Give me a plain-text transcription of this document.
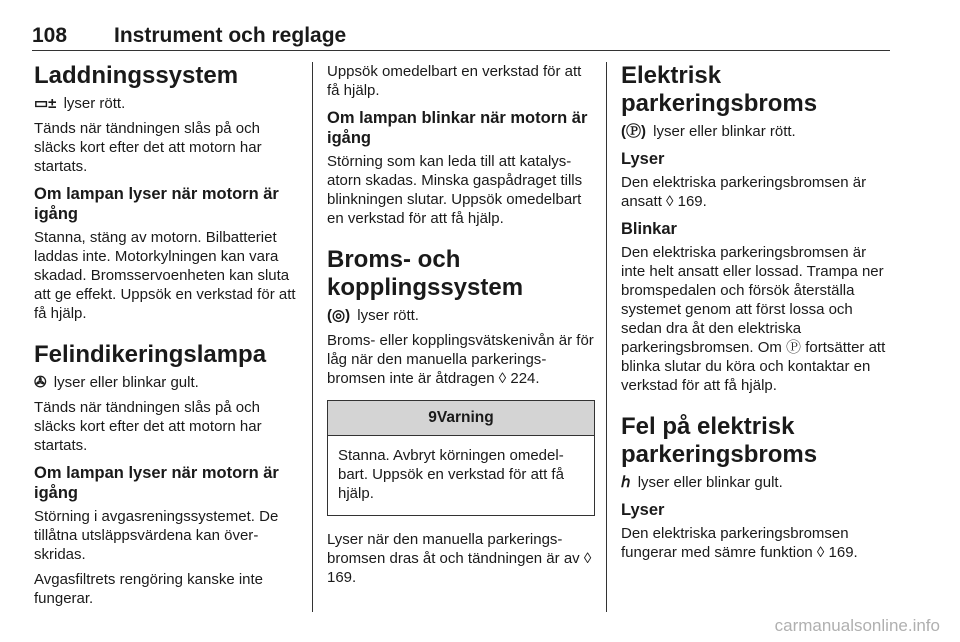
108 Instrument och reglage
Laddningssystem

▭± lyser rött.

Tänds när tändningen slås på och släcks kort efter det att motorn har startats.

Om lampan lyser när motorn är igång

Stanna, stäng av motorn. Bilbatteriet laddas inte. Motorkylningen kan vara skadad. Bromsservoenheten kan sluta att ge effekt. Uppsök en verkstad för att få hjälp.

Felindikeringslampa

✇ lyser eller blinkar gult.

Tänds när tändningen slås på och släcks kort efter det att motorn har startats.

Om lampan lyser när motorn är igång

Störning i avgasreningssystemet. De tillåtna utsläppsvärdena kan överskridas.

Avgasfiltrets rengöring kanske inte fungerar.

Uppsök omedelbart en verkstad för att få hjälp.

Om lampan blinkar när motorn är igång

Störning som kan leda till att katalysatorn skadas. Minska gaspådraget tills blinkningen slutar. Uppsök omedelbart en verkstad för att få hjälp.

Broms- och kopplingssystem

(◎) lyser rött.

Broms- eller kopplingsvätskenivån är för låg när den manuella parkeringsbromsen inte är åtdragen ◊ 224.

9Varning

Stanna. Avbryt körningen omedelbart. Uppsök en verkstad för att få hjälp.

Lyser när den manuella parkeringsbromsen dras åt och tändningen är av ◊ 169.

Elektrisk parkeringsbroms

(Ⓟ) lyser eller blinkar rött.

Lyser

Den elektriska parkeringsbromsen är ansatt ◊ 169.

Blinkar

Den elektriska parkeringsbromsen är inte helt ansatt eller lossad. Trampa ner bromspedalen och försök återställa systemet genom att först lossa och sedan dra åt den elektriska parkeringsbromsen. Om Ⓟ fortsätter att blinka slutar du köra och kontaktar en verkstad för att få hjälp.

Fel på elektrisk parkeringsbroms

ℎ lyser eller blinkar gult.

Lyser

Den elektriska parkeringsbromsen fungerar med sämre funktion ◊ 169.

carmanualsonline.info
